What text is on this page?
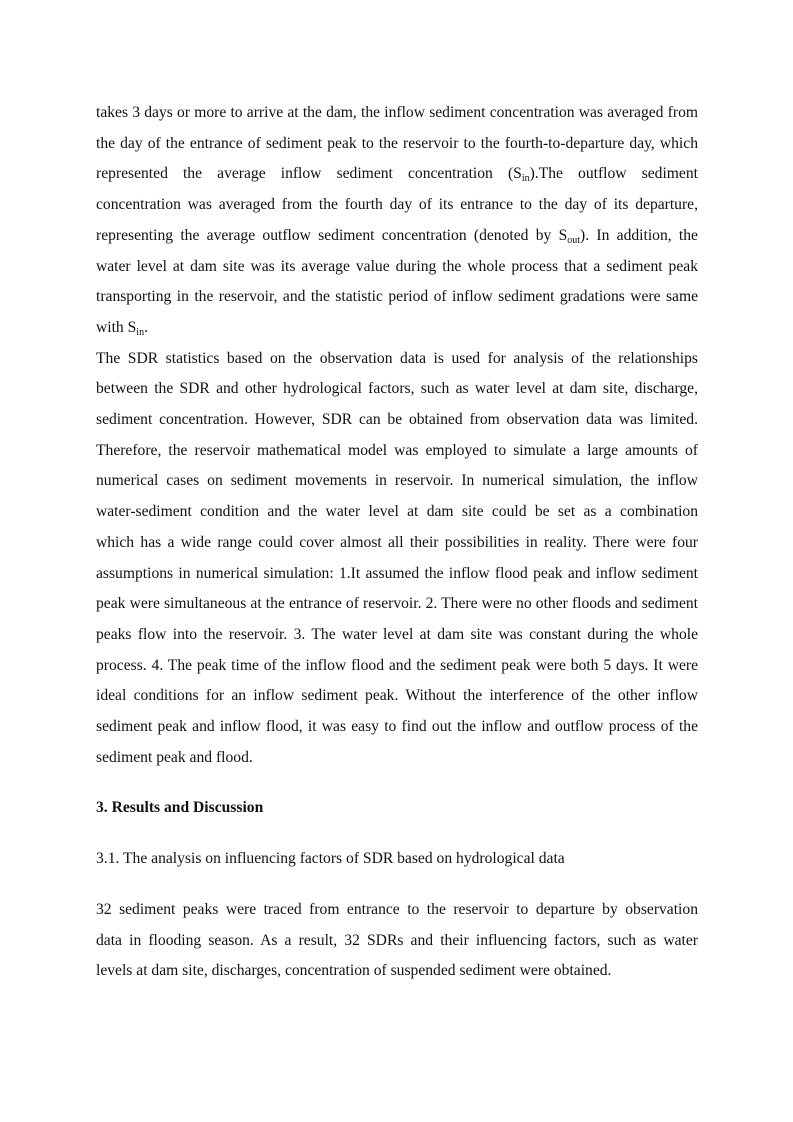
takes 3 days or more to arrive at the dam, the inflow sediment concentration was averaged from
the day of the entrance of sediment peak to the reservoir to the fourth-to-departure day, which
represented the average inflow sediment concentration $(S_{in}).The$ outflow sediment
concentration was averaged from the fourth day of its entrance to the day of its departure,
representing the average outflow sediment concentration (denoted by $S_{out}$). In addition, the
water level at dam site was its average value during the whole process that a sediment peak
transporting in the reservoir, and the statistic period of inflow sediment gradations were same
with $S_{in}$.
The SDR statistics based on the observation data is used for analysis of the relationships
between the SDR and other hydrological factors, such as water level at dam site, discharge,
sediment concentration. However, SDR can be obtained from observation data was limited.
Therefore, the reservoir mathematical model was employed to simulate a large amounts of
numerical cases on sediment movements in reservoir. In numerical simulation, the inflow
water-sediment condition and the water level at dam site could be set as a combination
which has a wide range could cover almost all their possibilities in reality. There were four
assumptions in numerical simulation: 1.It assumed the inflow flood peak and inflow sediment
peak were simultaneous at the entrance of reservoir. 2. There were no other floods and sediment
peaks flow into the reservoir. 3. The water level at dam site was constant during the whole
process. 4. The peak time of the inflow flood and the sediment peak were both 5 days. It were
ideal conditions for an inflow sediment peak. Without the interference of the other inflow
sediment peak and inflow flood, it was easy to find out the inflow and outflow process of the
sediment peak and flood.

3. Results and Discussion

3.1. The analysis on influencing factors of SDR based on hydrological data

32 sediment peaks were traced from entrance to the reservoir to departure by observation
data in flooding season. As a result, 32 SDRs and their influencing factors, such as water
levels at dam site, discharges, concentration of suspended sediment were obtained.
